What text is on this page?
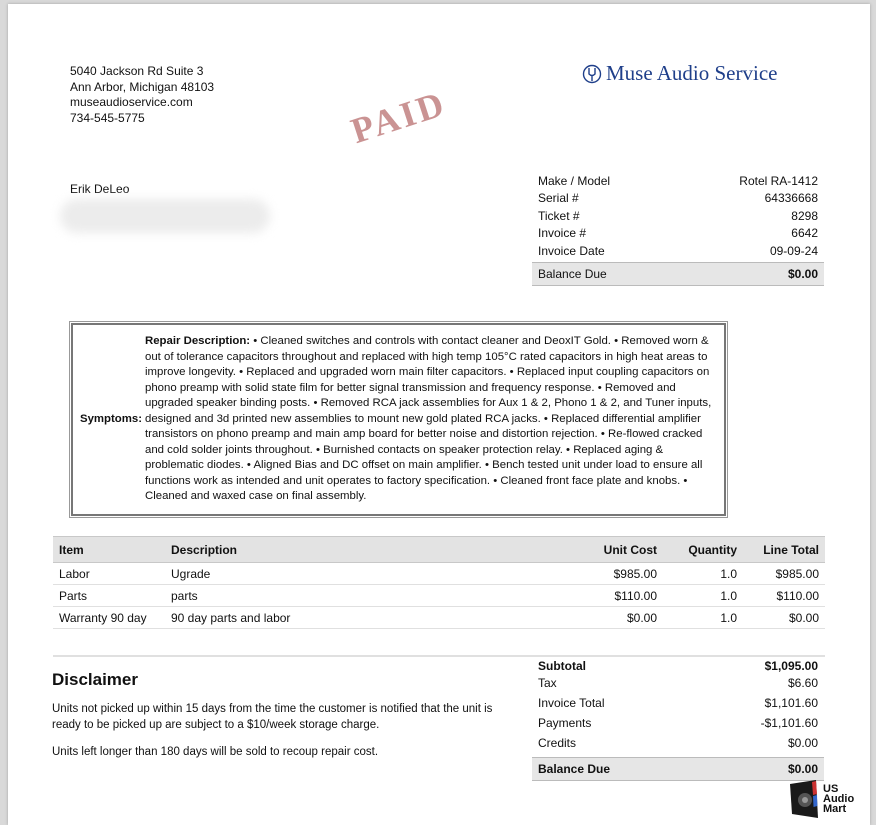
5040 Jackson Rd Suite 3
Ann Arbor, Michigan 48103
museaudioservice.com
734-545-5775
Muse Audio Service
PAID
Erik DeLeo
Make / Model	Rotel RA-1412
Serial #	64336668
Ticket #	8298
Invoice #	6642
Invoice Date	09-09-24
Balance Due	$0.00
Symptoms:
Repair Description: • Cleaned switches and controls with contact cleaner and DeoxIT Gold. • Removed worn & out of tolerance capacitors throughout and replaced with high temp 105°C rated capacitors in high heat areas to improve longevity. • Replaced and upgraded worn main filter capacitors. • Replaced input coupling capacitors on phono preamp with solid state film for better signal transmission and frequency response. • Removed and upgraded speaker binding posts. • Removed RCA jack assemblies for Aux 1 & 2, Phono 1 & 2, and Tuner inputs, designed and 3d printed new assemblies to mount new gold plated RCA jacks. • Replaced differential amplifier transistors on phono preamp and main amp board for better noise and distortion rejection. • Re-flowed cracked and cold solder joints throughout. • Burnished contacts on speaker protection relay. • Replaced aging & problematic diodes. • Aligned Bias and DC offset on main amplifier. • Bench tested unit under load to ensure all functions work as intended and unit operates to factory specification. • Cleaned front face plate and knobs. • Cleaned and waxed case on final assembly.
Item	Description	Unit Cost	Quantity	Line Total
Labor	Ugrade	$985.00	1.0	$985.00
Parts	parts	$110.00	1.0	$110.00
Warranty 90 day	90 day parts and labor	$0.00	1.0	$0.00
Disclaimer
Units not picked up within 15 days from the time the customer is notified that the unit is ready to be picked up are subject to a $10/week storage charge.
Units left longer than 180 days will be sold to recoup repair cost.
Subtotal	$1,095.00
Tax	$6.60
Invoice Total	$1,101.60
Payments	-$1,101.60
Credits	$0.00
Balance Due	$0.00
US
Audio
Mart
